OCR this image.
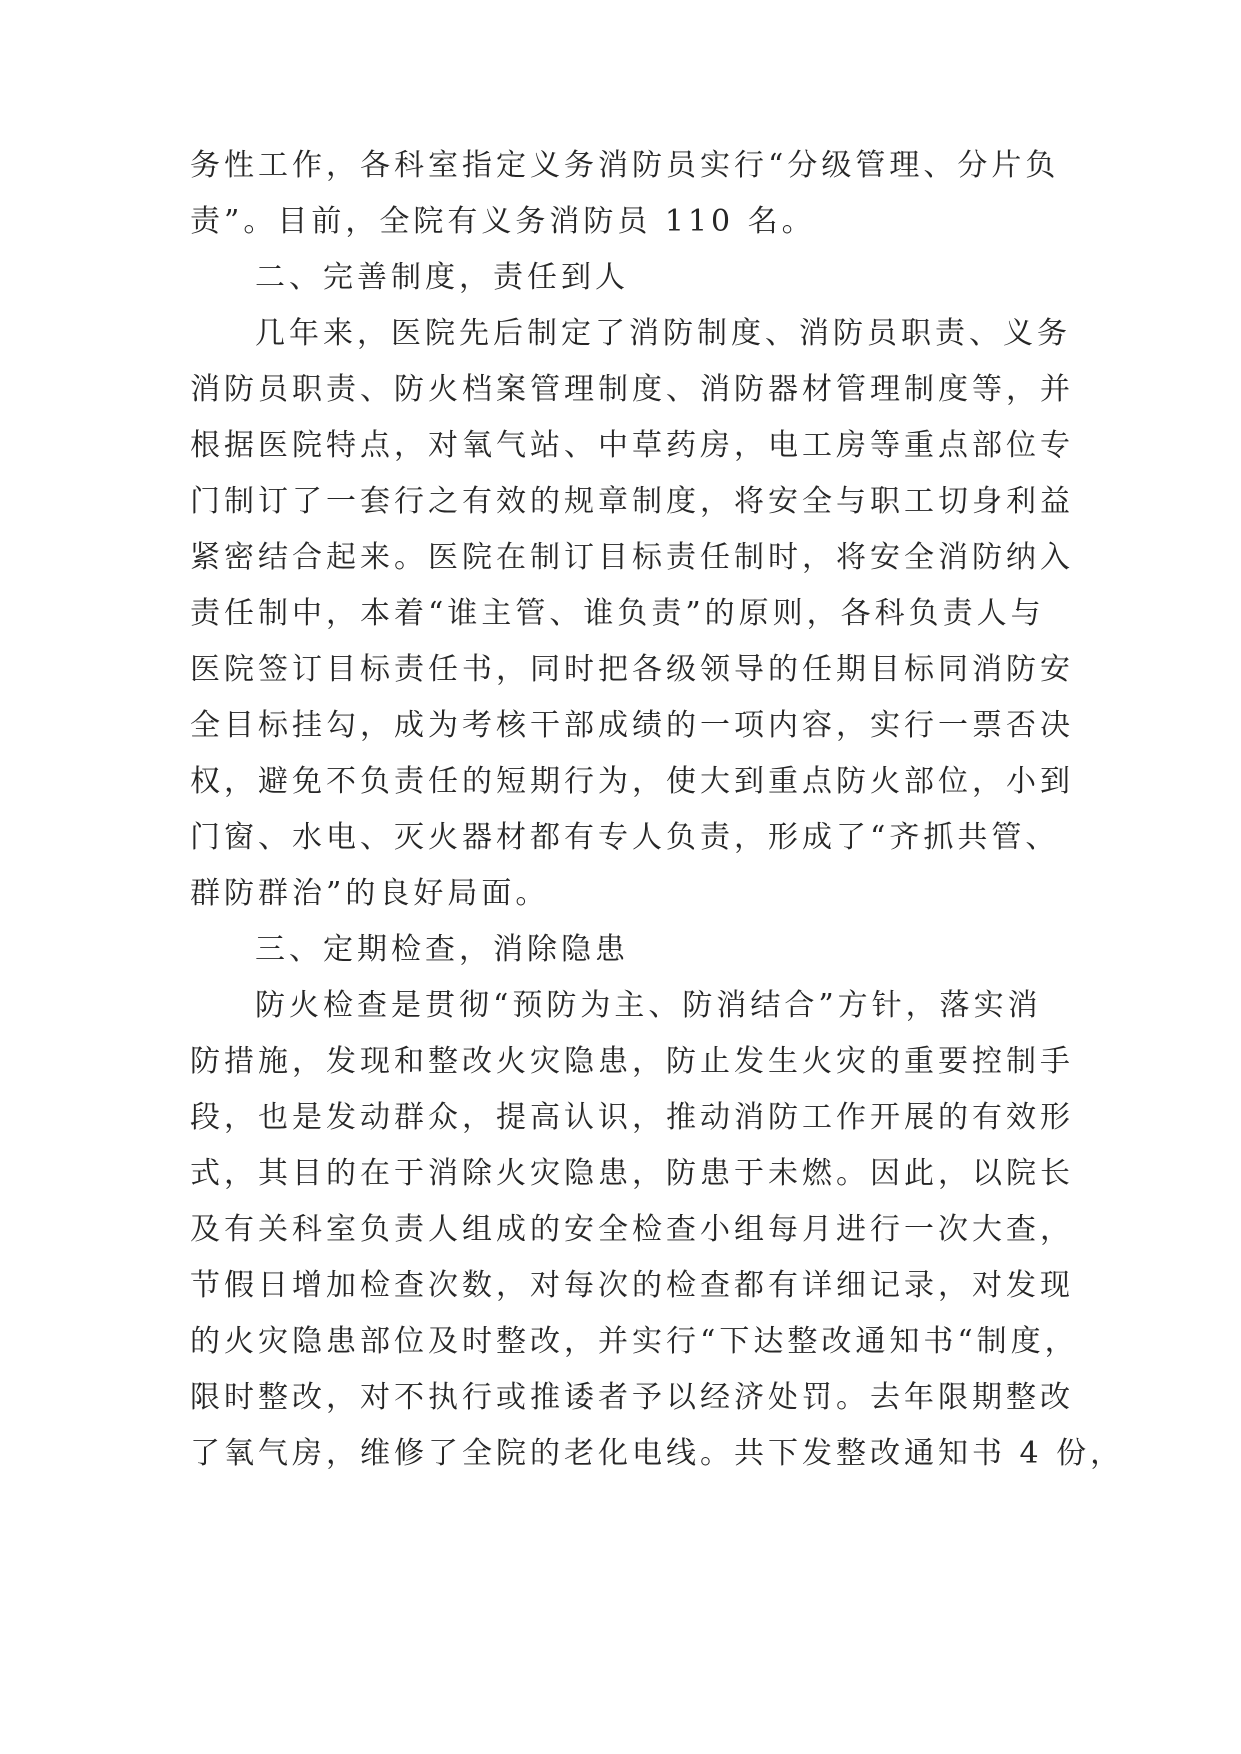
务性工作，各科室指定义务消防员实行“分级管理、分片负
责”。目前，全院有义务消防员 110 名。
二、完善制度，责任到人
几年来，医院先后制定了消防制度、消防员职责、义务
消防员职责、防火档案管理制度、消防器材管理制度等，并
根据医院特点，对氧气站、中草药房，电工房等重点部位专
门制订了一套行之有效的规章制度，将安全与职工切身利益
紧密结合起来。医院在制订目标责任制时，将安全消防纳入
责任制中，本着“谁主管、谁负责”的原则，各科负责人与
医院签订目标责任书，同时把各级领导的任期目标同消防安
全目标挂勾，成为考核干部成绩的一项内容，实行一票否决
权，避免不负责任的短期行为，使大到重点防火部位，小到
门窗、水电、灭火器材都有专人负责，形成了“齐抓共管、
群防群治”的良好局面。
三、定期检查，消除隐患
防火检查是贯彻“预防为主、防消结合”方针，落实消
防措施，发现和整改火灾隐患，防止发生火灾的重要控制手
段，也是发动群众，提高认识，推动消防工作开展的有效形
式，其目的在于消除火灾隐患，防患于未燃。因此，以院长
及有关科室负责人组成的安全检查小组每月进行一次大查，
节假日增加检查次数，对每次的检查都有详细记录，对发现
的火灾隐患部位及时整改，并实行“下达整改通知书“制度，
限时整改，对不执行或推诿者予以经济处罚。去年限期整改
了氧气房，维修了全院的老化电线。共下发整改通知书 4 份，
